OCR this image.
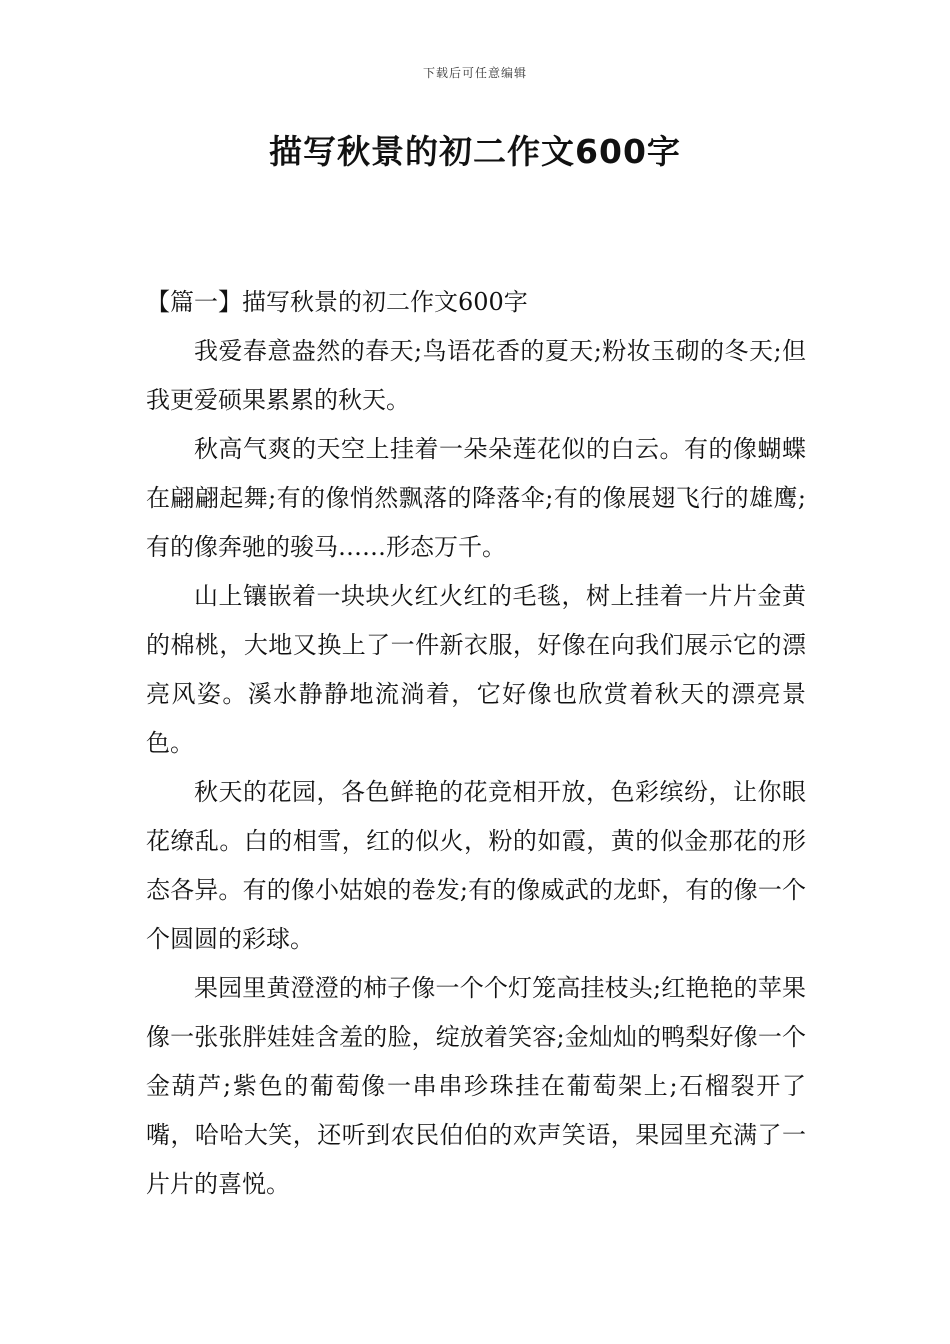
下载后可任意编辑
描写秋景的初二作文600字

【篇一】描写秋景的初二作文600字

我爱春意盎然的春天;鸟语花香的夏天;粉妆玉砌的冬天;但我更爱硕果累累的秋天。

秋高气爽的天空上挂着一朵朵莲花似的白云。有的像蝴蝶在翩翩起舞;有的像悄然飘落的降落伞;有的像展翅飞行的雄鹰;有的像奔驰的骏马……形态万千。

山上镶嵌着一块块火红火红的毛毯，树上挂着一片片金黄的棉桃，大地又换上了一件新衣服，好像在向我们展示它的漂亮风姿。溪水静静地流淌着，它好像也欣赏着秋天的漂亮景色。

秋天的花园，各色鲜艳的花竞相开放，色彩缤纷，让你眼花缭乱。白的相雪，红的似火，粉的如霞，黄的似金那花的形态各异。有的像小姑娘的卷发;有的像威武的龙虾，有的像一个个圆圆的彩球。

果园里黄澄澄的柿子像一个个灯笼高挂枝头;红艳艳的苹果像一张张胖娃娃含羞的脸，绽放着笑容;金灿灿的鸭梨好像一个金葫芦;紫色的葡萄像一串串珍珠挂在葡萄架上;石榴裂开了嘴，哈哈大笑，还听到农民伯伯的欢声笑语，果园里充满了一片片的喜悦。
